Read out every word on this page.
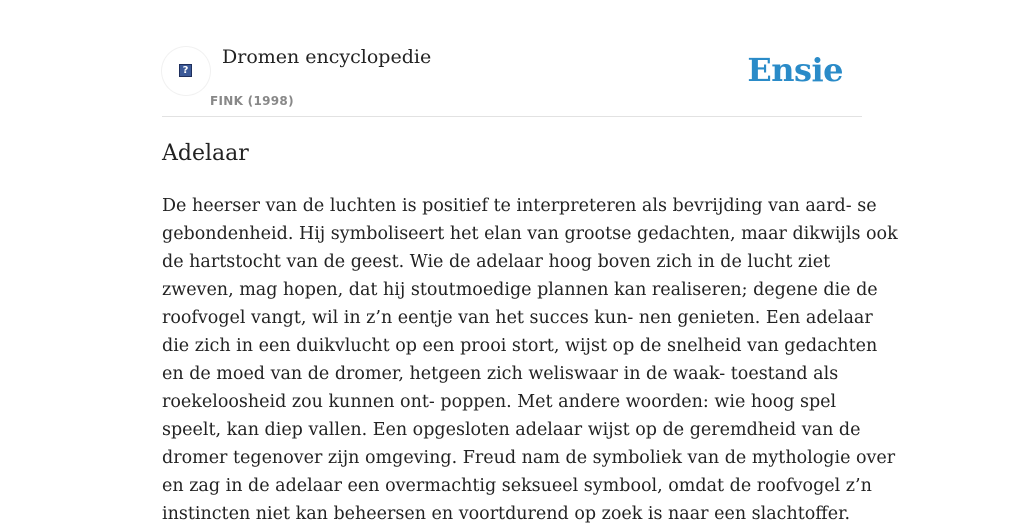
?
Dromen encyclopedie
FINK (1998)
Ensie
Adelaar

De heerser van de luchten is positief te interpreteren als bevrijding van aard- se
gebondenheid. Hij symboliseert het elan van grootse gedachten, maar dikwijls ook
de hartstocht van de geest. Wie de adelaar hoog boven zich in de lucht ziet
zweven, mag hopen, dat hij stoutmoedige plannen kan realiseren; degene die de
roofvogel vangt, wil in z’n eentje van het succes kun- nen genieten. Een adelaar
die zich in een duikvlucht op een prooi stort, wijst op de snelheid van gedachten
en de moed van de dromer, hetgeen zich weliswaar in de waak- toestand als
roekeloosheid zou kunnen ont- poppen. Met andere woorden: wie hoog spel
speelt, kan diep vallen. Een opgesloten adelaar wijst op de geremdheid van de
dromer tegenover zijn omgeving. Freud nam de symboliek van de mythologie over
en zag in de adelaar een overmachtig seksueel symbool, omdat de roofvogel z’n
instincten niet kan beheersen en voortdurend op zoek is naar een slachtoffer.
